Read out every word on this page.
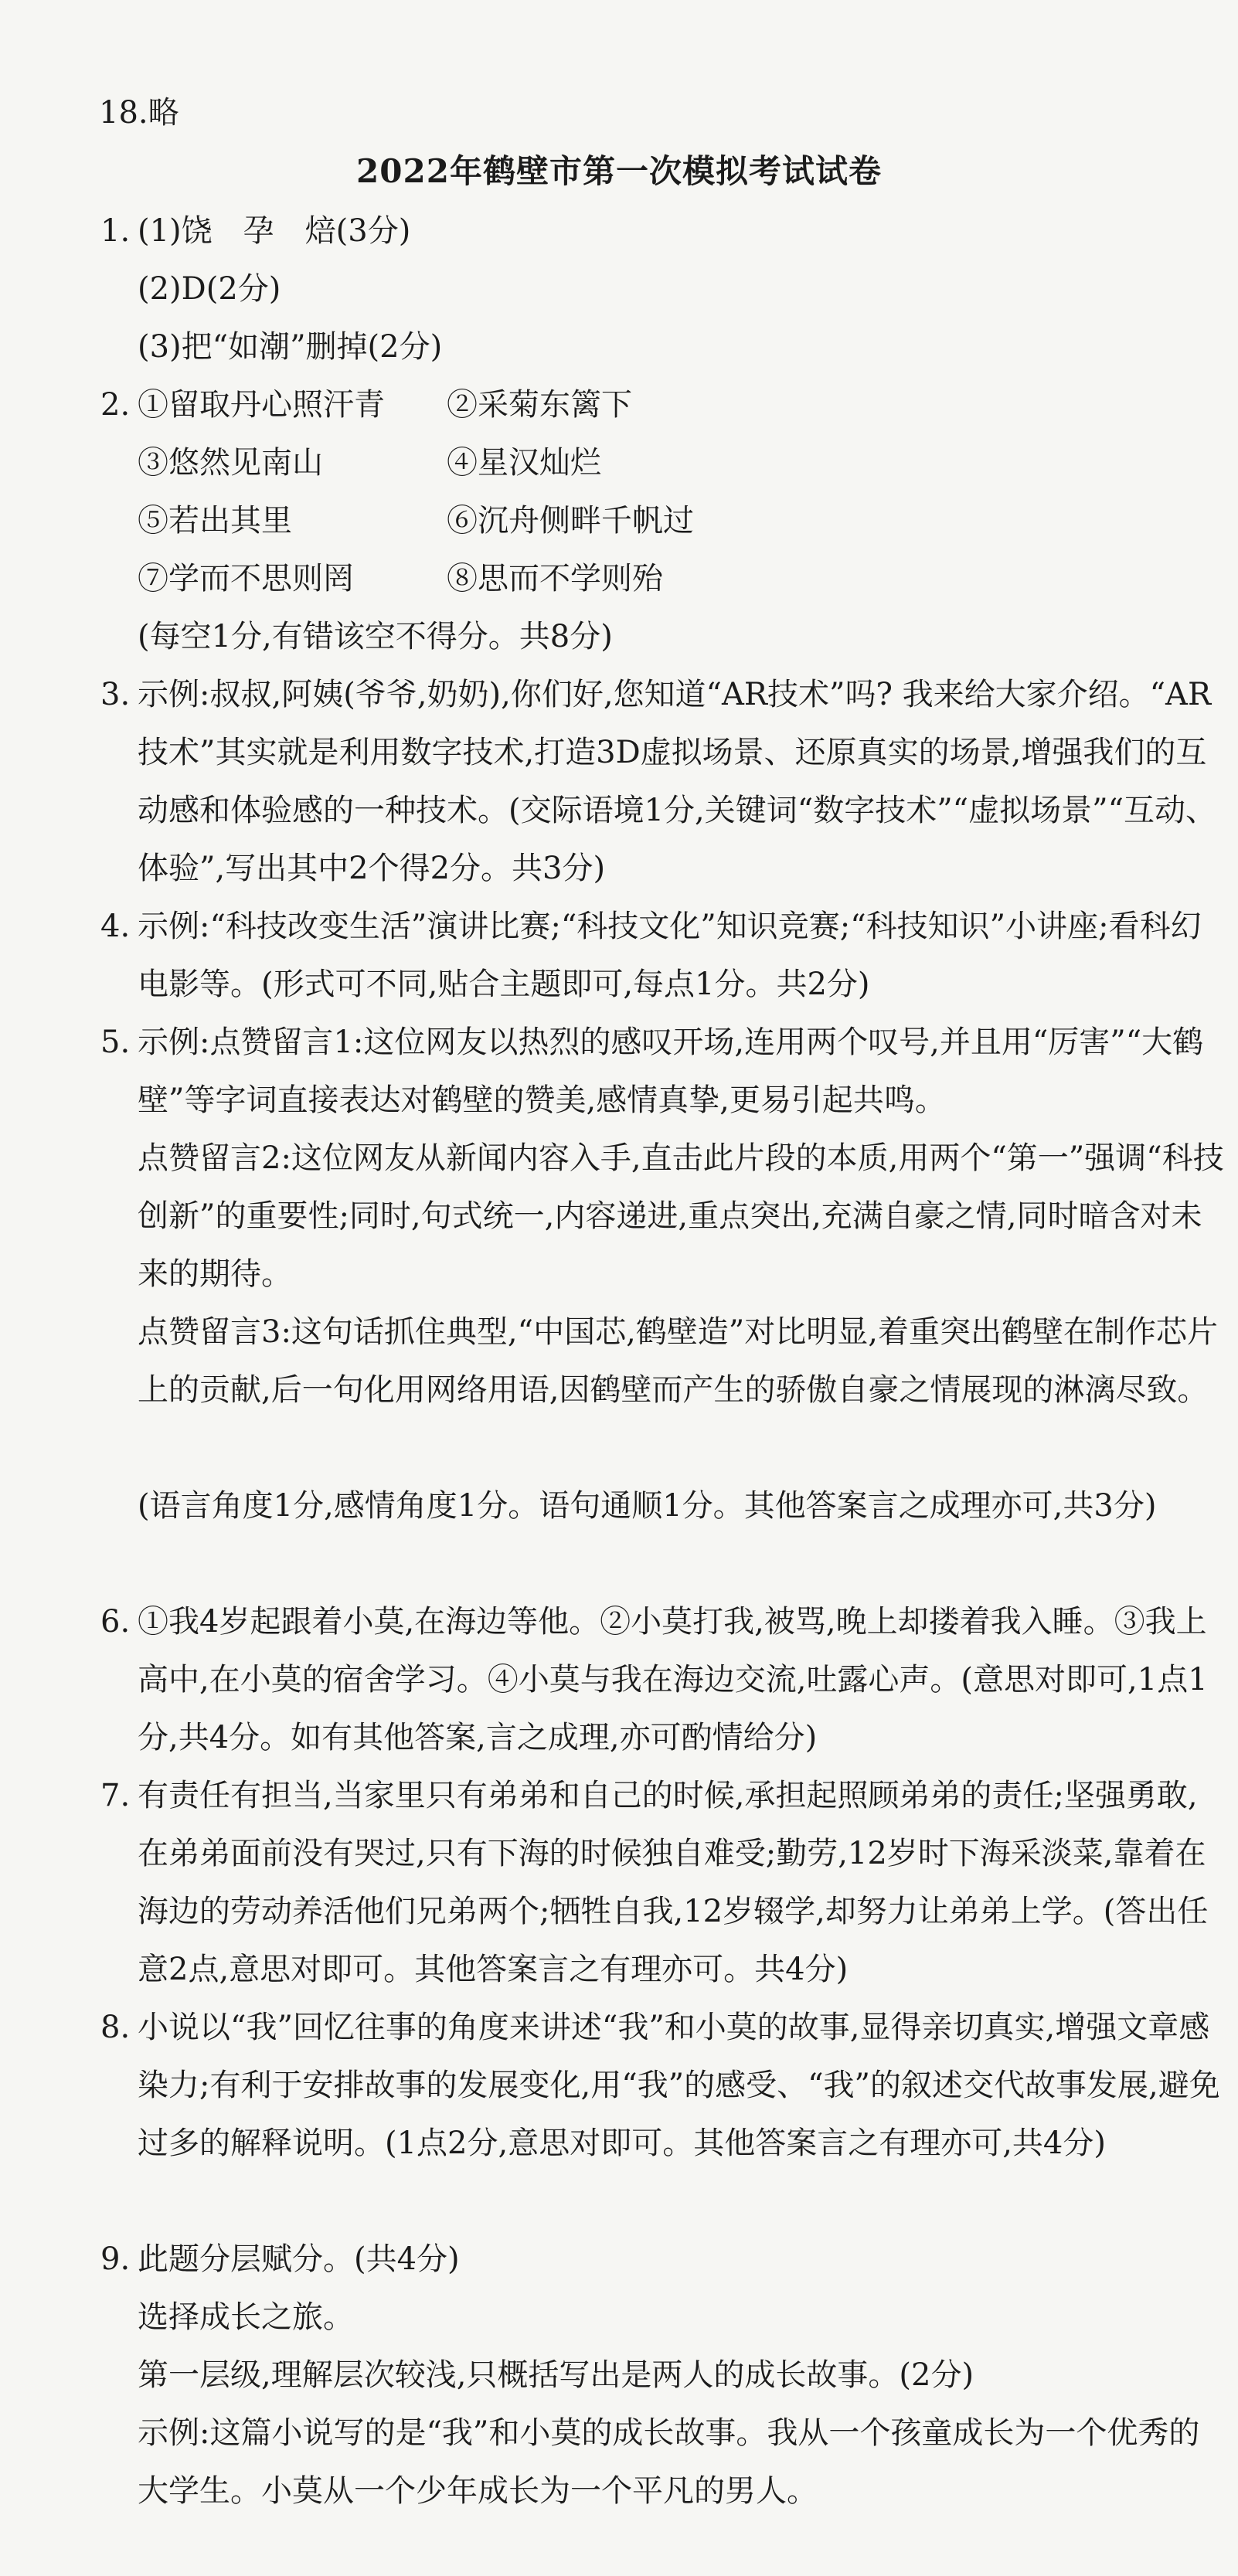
18.略
2022年鹤壁市第一次模拟考试试卷
1. (1)饶　孕　焙(3分)
(2)D(2分)
(3)把“如潮”删掉(2分)
2. ①留取丹心照汗青　　②采菊东篱下
③悠然见南山　　　　④星汉灿烂
⑤若出其里　　　　　⑥沉舟侧畔千帆过
⑦学而不思则罔　　　⑧思而不学则殆
(每空1分,有错该空不得分。共8分)
3. 示例:叔叔,阿姨(爷爷,奶奶),你们好,您知道“AR技术”吗? 我来给大家介绍。“AR技术”其实就是利用数字技术,打造3D虚拟场景、还原真实的场景,增强我们的互动感和体验感的一种技术。(交际语境1分,关键词“数字技术”“虚拟场景”“互动、体验”,写出其中2个得2分。共3分)
4. 示例:“科技改变生活”演讲比赛;“科技文化”知识竞赛;“科技知识”小讲座;看科幻电影等。(形式可不同,贴合主题即可,每点1分。共2分)
5. 示例:点赞留言1:这位网友以热烈的感叹开场,连用两个叹号,并且用“厉害”“大鹤壁”等字词直接表达对鹤壁的赞美,感情真挚,更易引起共鸣。
点赞留言2:这位网友从新闻内容入手,直击此片段的本质,用两个“第一”强调“科技创新”的重要性;同时,句式统一,内容递进,重点突出,充满自豪之情,同时暗含对未来的期待。
点赞留言3:这句话抓住典型,“中国芯,鹤壁造”对比明显,着重突出鹤壁在制作芯片上的贡献,后一句化用网络用语,因鹤壁而产生的骄傲自豪之情展现的淋漓尽致。
(语言角度1分,感情角度1分。语句通顺1分。其他答案言之成理亦可,共3分)
6. ①我4岁起跟着小莫,在海边等他。②小莫打我,被骂,晚上却搂着我入睡。③我上高中,在小莫的宿舍学习。④小莫与我在海边交流,吐露心声。(意思对即可,1点1分,共4分。如有其他答案,言之成理,亦可酌情给分)
7. 有责任有担当,当家里只有弟弟和自己的时候,承担起照顾弟弟的责任;坚强勇敢,在弟弟面前没有哭过,只有下海的时候独自难受;勤劳,12岁时下海采淡菜,靠着在海边的劳动养活他们兄弟两个;牺牲自我,12岁辍学,却努力让弟弟上学。(答出任意2点,意思对即可。其他答案言之有理亦可。共4分)
8. 小说以“我”回忆往事的角度来讲述“我”和小莫的故事,显得亲切真实,增强文章感染力;有利于安排故事的发展变化,用“我”的感受、“我”的叙述交代故事发展,避免过多的解释说明。(1点2分,意思对即可。其他答案言之有理亦可,共4分)
9. 此题分层赋分。(共4分)
选择成长之旅。
第一层级,理解层次较浅,只概括写出是两人的成长故事。(2分)
示例:这篇小说写的是“我”和小莫的成长故事。我从一个孩童成长为一个优秀的大学生。小莫从一个少年成长为一个平凡的男人。
